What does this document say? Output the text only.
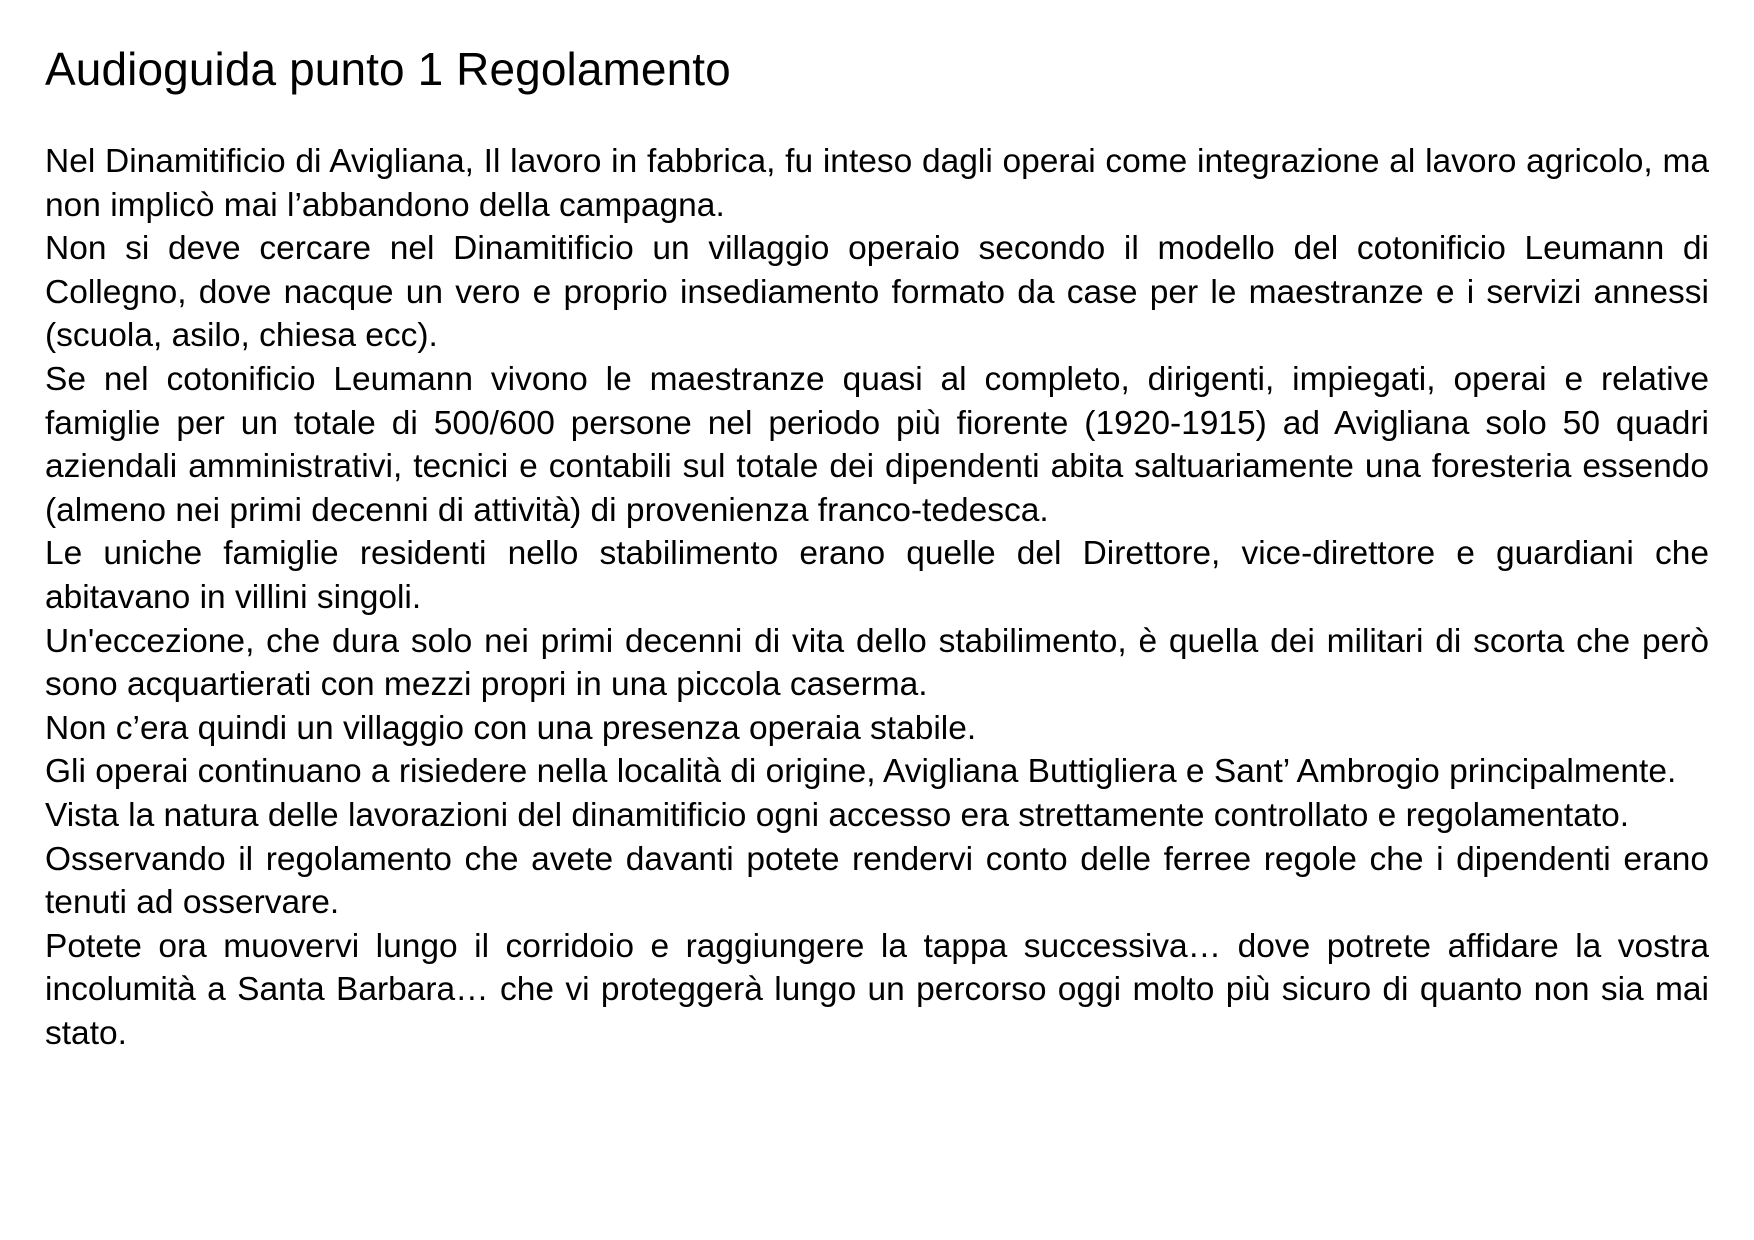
Audioguida punto 1 Regolamento

Nel Dinamitificio di Avigliana, Il lavoro in fabbrica, fu inteso dagli operai come integrazione al lavoro agricolo, ma non implicò mai l’abbandono della campagna.

Non si deve cercare nel Dinamitificio un villaggio operaio secondo il modello del cotonificio Leumann di Collegno, dove nacque un vero e proprio insediamento formato da case per le maestranze e i servizi annessi (scuola, asilo, chiesa ecc).

Se nel cotonificio Leumann vivono le maestranze quasi al completo, dirigenti, impiegati, operai e relative famiglie per un totale di 500/600 persone nel periodo più fiorente (1920-1915) ad Avigliana solo 50 quadri aziendali amministrativi, tecnici e contabili sul totale dei dipendenti abita saltuariamente una foresteria essendo (almeno nei primi decenni di attività) di provenienza franco-tedesca.

Le uniche famiglie residenti nello stabilimento erano quelle del Direttore, vice-direttore e guardiani che abitavano in villini singoli.

Un'eccezione, che dura solo nei primi decenni di vita dello stabilimento, è quella dei militari di scorta che però sono acquartierati con mezzi propri in una piccola caserma.

Non c’era quindi un villaggio con una presenza operaia stabile.

Gli operai continuano a risiedere nella località di origine, Avigliana Buttigliera e Sant’ Ambrogio principalmente.

Vista la natura delle lavorazioni del dinamitificio ogni accesso era strettamente controllato e regolamentato.

Osservando il regolamento che avete davanti potete rendervi conto delle ferree regole che i dipendenti erano tenuti ad osservare.

Potete ora muovervi lungo il corridoio e raggiungere la tappa successiva… dove potrete affidare la vostra incolumità a Santa Barbara… che vi proteggerà lungo un percorso oggi molto più sicuro di quanto non sia mai stato.
